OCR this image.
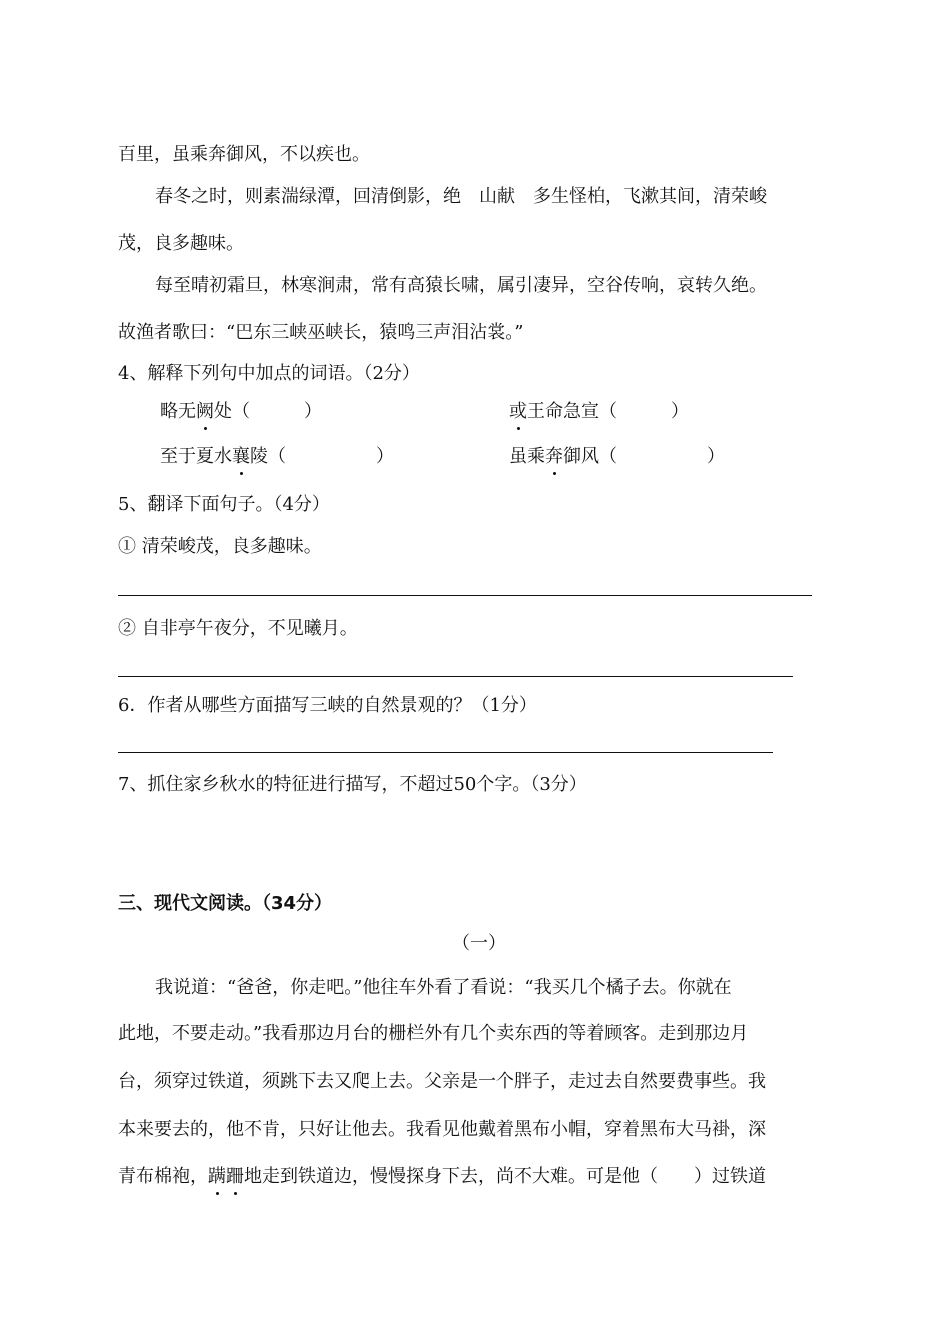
百里，虽乘奔御风，不以疾也。
春冬之时，则素湍绿潭，回清倒影，绝　山献　多生怪柏，飞漱其间，清荣峻
茂，良多趣味。
每至晴初霜旦，林寒涧肃，常有高猿长啸，属引凄异，空谷传响，哀转久绝。
故渔者歌曰：“巴东三峡巫峡长，猿鸣三声泪沾裳。”
4、解释下列句中加点的词语。（2分）
略无阙处（　　　）	或王命急宣（　　　）
至于夏水襄陵（　　　　　）	虽乘奔御风（　　　　　）
5、翻译下面句子。（4分）
① 清荣峻茂，良多趣味。
② 自非亭午夜分，不见曦月。
6．作者从哪些方面描写三峡的自然景观的？（1分）
7、抓住家乡秋水的特征进行描写，不超过50个字。（3分）
三、现代文阅读。（34分）
（一）
我说道：“爸爸，你走吧。”他往车外看了看说：“我买几个橘子去。你就在
此地，不要走动。”我看那边月台的栅栏外有几个卖东西的等着顾客。走到那边月
台，须穿过铁道，须跳下去又爬上去。父亲是一个胖子，走过去自然要费事些。我
本来要去的，他不肯，只好让他去。我看见他戴着黑布小帽，穿着黑布大马褂，深
青布棉袍，蹒跚地走到铁道边，慢慢探身下去，尚不大难。可是他（　　）过铁道
